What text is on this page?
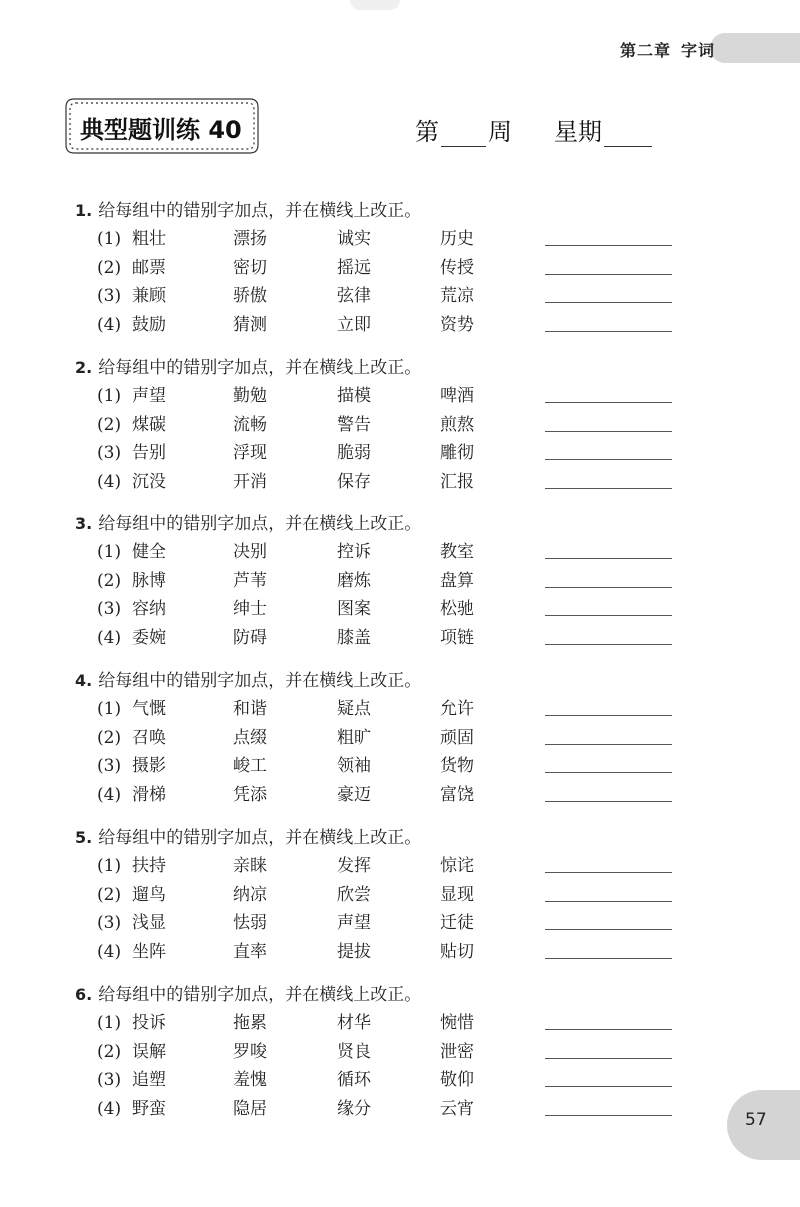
第二章 字词
典型题训练 40	第 周 星期
1. 给每组中的错别字加点，并在横线上改正。
(1) 粗壮	漂扬	诚实	历史
(2) 邮票	密切	摇远	传授
(3) 兼顾	骄傲	弦律	荒凉
(4) 鼓励	猜测	立即	资势
2. 给每组中的错别字加点，并在横线上改正。
(1) 声望	勤勉	描模	啤酒
(2) 煤碳	流畅	警告	煎熬
(3) 告别	浮现	脆弱	雕彻
(4) 沉没	开消	保存	汇报
3. 给每组中的错别字加点，并在横线上改正。
(1) 健全	决别	控诉	教室
(2) 脉博	芦苇	磨炼	盘算
(3) 容纳	绅士	图案	松驰
(4) 委婉	防碍	膝盖	项链
4. 给每组中的错别字加点，并在横线上改正。
(1) 气慨	和谐	疑点	允许
(2) 召唤	点缀	粗旷	顽固
(3) 摄影	峻工	领袖	货物
(4) 滑梯	凭添	豪迈	富饶
5. 给每组中的错别字加点，并在横线上改正。
(1) 扶持	亲睐	发挥	惊诧
(2) 遛鸟	纳凉	欣尝	显现
(3) 浅显	怯弱	声望	迁徒
(4) 坐阵	直率	提拔	贴切
6. 给每组中的错别字加点，并在横线上改正。
(1) 投诉	拖累	材华	惋惜
(2) 误解	罗唆	贤良	泄密
(3) 追塑	羞愧	循环	敬仰
(4) 野蛮	隐居	缘分	云宵
57
